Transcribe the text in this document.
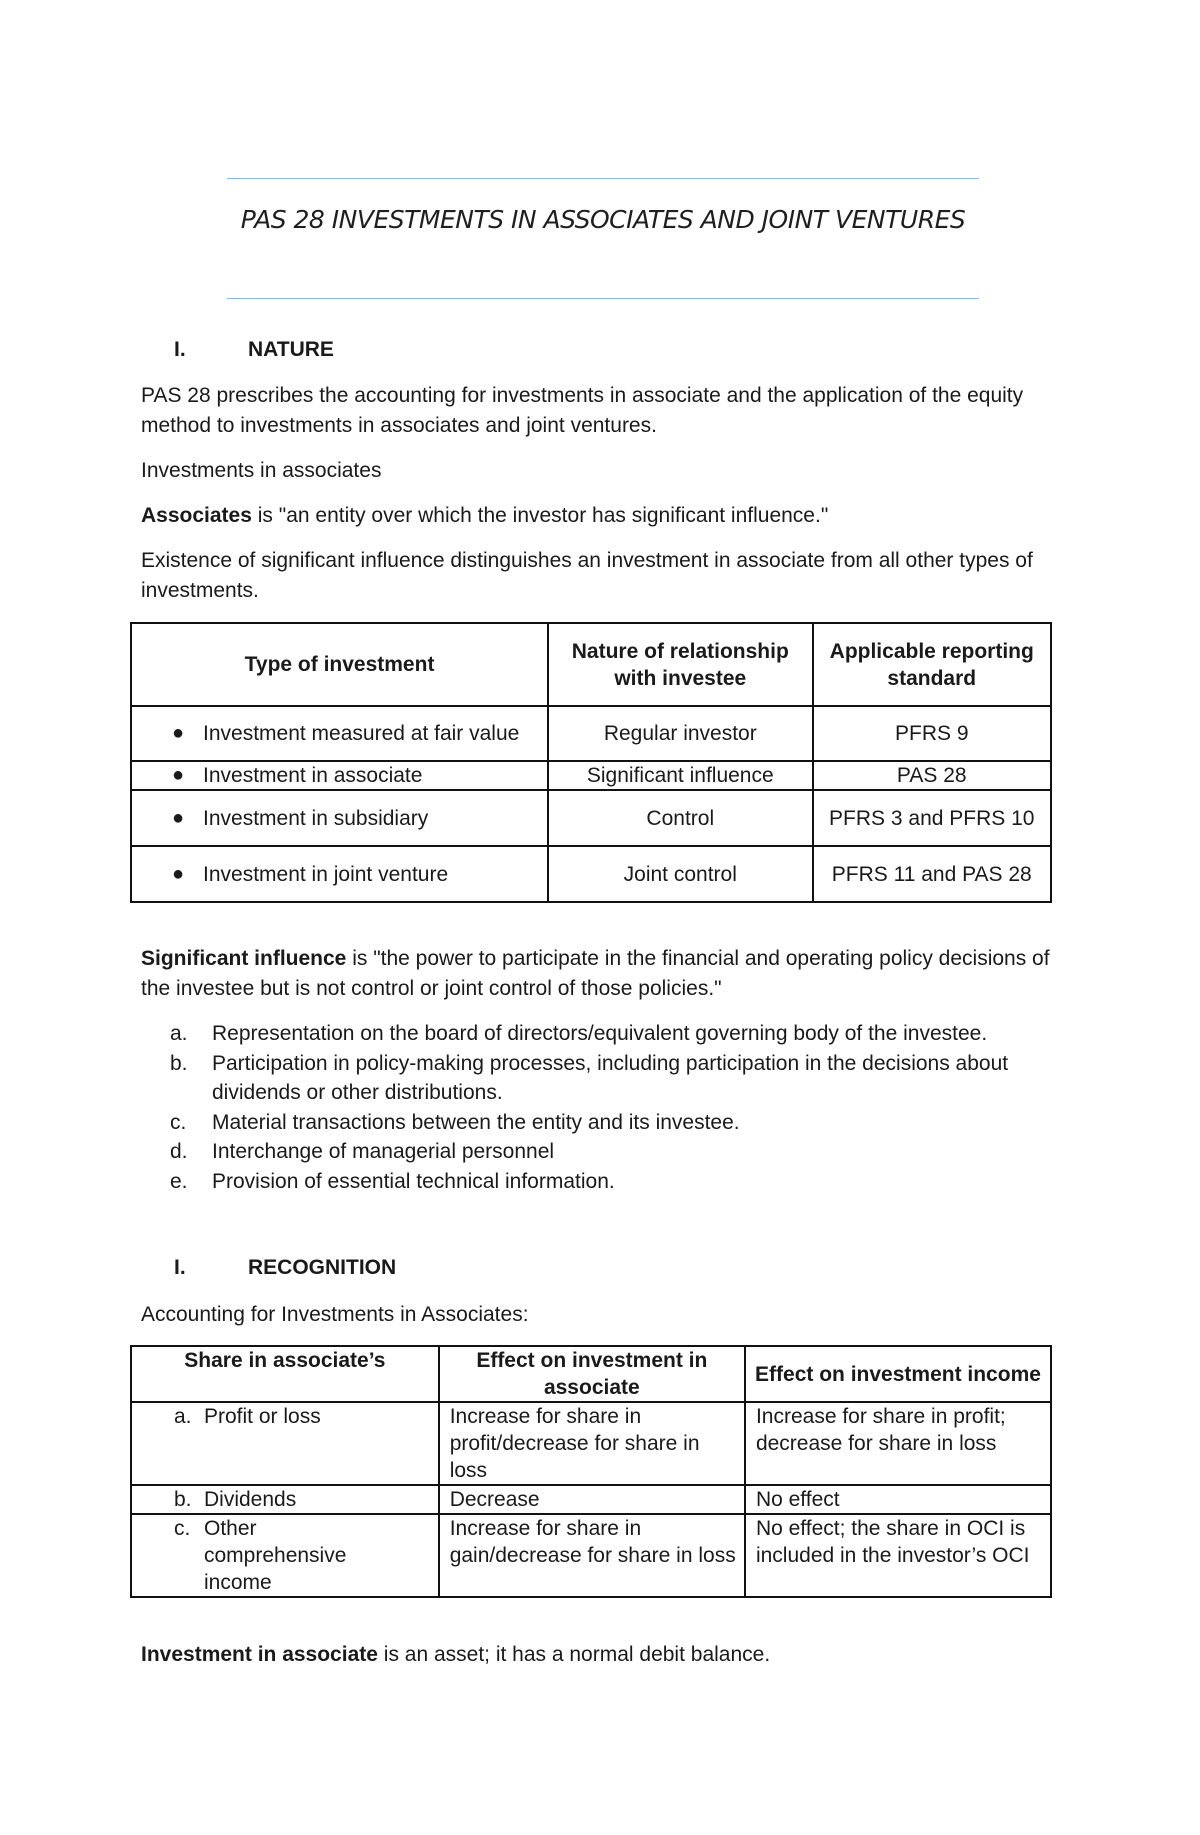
PAS 28 INVESTMENTS IN ASSOCIATES AND JOINT VENTURES
I.	NATURE
PAS 28 prescribes the accounting for investments in associate and the application of the equity method to investments in associates and joint ventures.
Investments in associates
Associates is "an entity over which the investor has significant influence."
Existence of significant influence distinguishes an investment in associate from all other types of investments.
Type of investment	Nature of relationship with investee	Applicable reporting standard

● Investment measured at fair value	Regular investor	PFRS 9

● Investment in associate	Significant influence	PAS 28

● Investment in subsidiary	Control	PFRS 3 and PFRS 10

● Investment in joint venture	Joint control	PFRS 11 and PAS 28
Significant influence is "the power to participate in the financial and operating policy decisions of the investee but is not control or joint control of those policies."
a.	Representation on the board of directors/equivalent governing body of the investee.
b.	Participation in policy-making processes, including participation in the decisions about dividends or other distributions.
c.	Material transactions between the entity and its investee.
d.	Interchange of managerial personnel
e.	Provision of essential technical information.
I.	RECOGNITION
Accounting for Investments in Associates:
Share in associate’s	Effect on investment in associate	Effect on investment income

a. Profit or loss	Increase for share in profit/decrease for share in loss	Increase for share in profit; decrease for share in loss

b. Dividends	Decrease	No effect

c. Other comprehensive income	Increase for share in gain/decrease for share in loss	No effect; the share in OCI is included in the investor’s OCI
Investment in associate is an asset; it has a normal debit balance.
